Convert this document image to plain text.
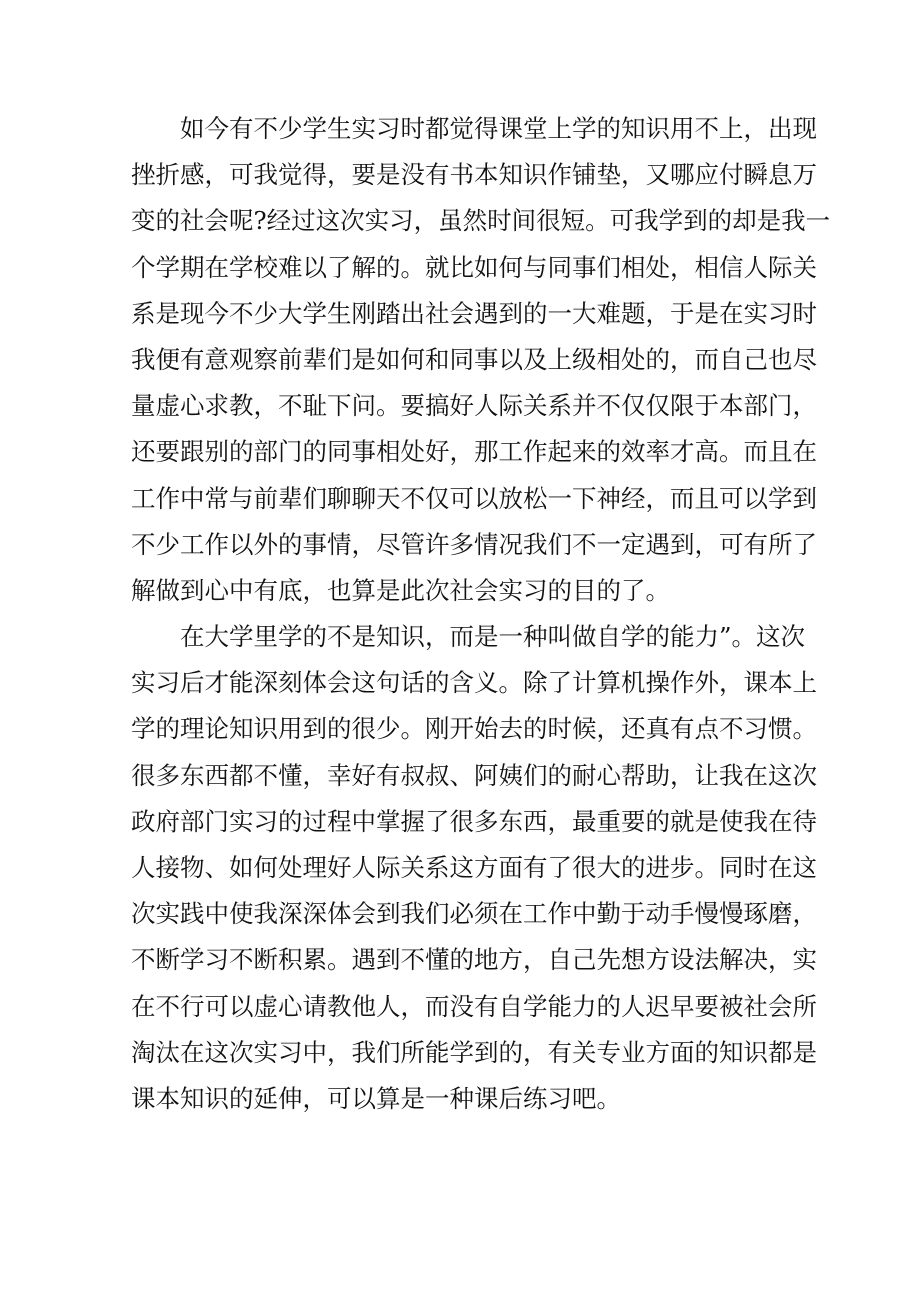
如今有不少学生实习时都觉得课堂上学的知识用不上，出现
挫折感，可我觉得，要是没有书本知识作铺垫，又哪应付瞬息万
变的社会呢?经过这次实习，虽然时间很短。可我学到的却是我一
个学期在学校难以了解的。就比如何与同事们相处，相信人际关
系是现今不少大学生刚踏出社会遇到的一大难题，于是在实习时
我便有意观察前辈们是如何和同事以及上级相处的，而自己也尽
量虚心求教，不耻下问。要搞好人际关系并不仅仅限于本部门，
还要跟别的部门的同事相处好，那工作起来的效率才高。而且在
工作中常与前辈们聊聊天不仅可以放松一下神经，而且可以学到
不少工作以外的事情，尽管许多情况我们不一定遇到，可有所了
解做到心中有底，也算是此次社会实习的目的了。
在大学里学的不是知识，而是一种叫做自学的能力”。这次
实习后才能深刻体会这句话的含义。除了计算机操作外，课本上
学的理论知识用到的很少。刚开始去的时候，还真有点不习惯。
很多东西都不懂，幸好有叔叔、阿姨们的耐心帮助，让我在这次
政府部门实习的过程中掌握了很多东西，最重要的就是使我在待
人接物、如何处理好人际关系这方面有了很大的进步。同时在这
次实践中使我深深体会到我们必须在工作中勤于动手慢慢琢磨，
不断学习不断积累。遇到不懂的地方，自己先想方设法解决，实
在不行可以虚心请教他人，而没有自学能力的人迟早要被社会所
淘汰在这次实习中，我们所能学到的，有关专业方面的知识都是
课本知识的延伸，可以算是一种课后练习吧。
